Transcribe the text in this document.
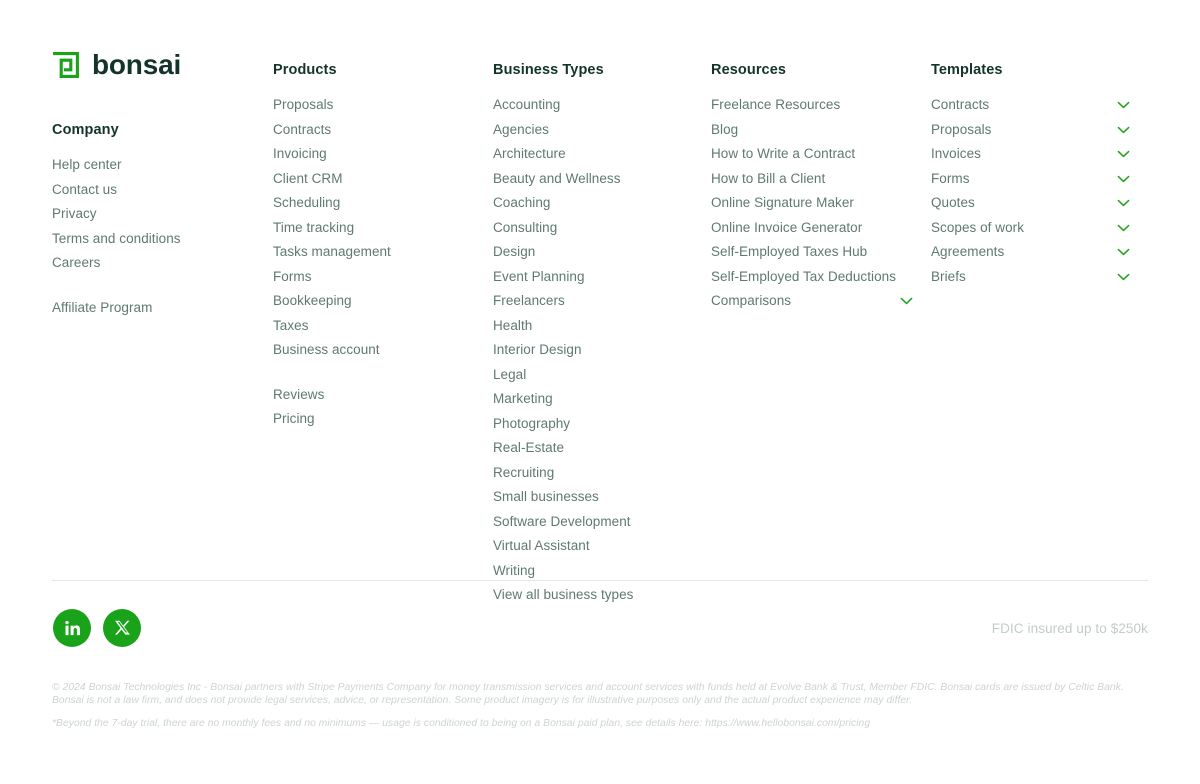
bonsai
Company
Help center
Contact us
Privacy
Terms and conditions
Careers
Affiliate Program
Products
Proposals
Contracts
Invoicing
Client CRM
Scheduling
Time tracking
Tasks management
Forms
Bookkeeping
Taxes
Business account
Reviews
Pricing
Business Types
Accounting
Agencies
Architecture
Beauty and Wellness
Coaching
Consulting
Design
Event Planning
Freelancers
Health
Interior Design
Legal
Marketing
Photography
Real-Estate
Recruiting
Small businesses
Software Development
Virtual Assistant
Writing
View all business types
Resources
Freelance Resources
Blog
How to Write a Contract
How to Bill a Client
Online Signature Maker
Online Invoice Generator
Self-Employed Taxes Hub
Self-Employed Tax Deductions
Comparisons
Templates
Contracts
Proposals
Invoices
Forms
Quotes
Scopes of work
Agreements
Briefs
FDIC insured up to $250k
© 2024 Bonsai Technologies Inc - Bonsai partners with Stripe Payments Company for money transmission services and account services with funds held at Evolve Bank & Trust, Member FDIC. Bonsai cards are issued by Celtic Bank. Bonsai is not a law firm, and does not provide legal services, advice, or representation. Some product imagery is for illustrative purposes only and the actual product experience may differ.
*Beyond the 7-day trial, there are no monthly fees and no minimums — usage is conditioned to being on a Bonsai paid plan, see details here: https://www.hellobonsai.com/pricing
